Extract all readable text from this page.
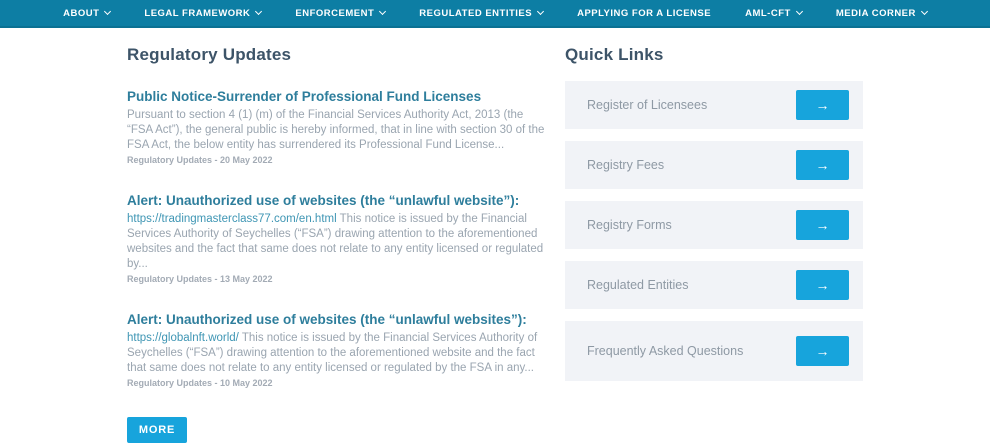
ABOUT	LEGAL FRAMEWORK	ENFORCEMENT	REGULATED ENTITIES	APPLYING FOR A LICENSE	AML-CFT	MEDIA CORNER
Regulatory Updates
Public Notice-Surrender of Professional Fund Licenses

Pursuant to section 4 (1) (m) of the Financial Services Authority Act, 2013 (the “FSA Act”), the general public is hereby informed, that in line with section 30 of the FSA Act, the below entity has surrendered its Professional Fund License...

Regulatory Updates - 20 May 2022
Alert: Unauthorized use of websites (the “unlawful website”):

https://tradingmasterclass77.com/en.html This notice is issued by the Financial Services Authority of Seychelles (“FSA”) drawing attention to the aforementioned websites and the fact that same does not relate to any entity licensed or regulated by...

Regulatory Updates - 13 May 2022
Alert: Unauthorized use of websites (the “unlawful websites”):

https://globalnft.world/ This notice is issued by the Financial Services Authority of Seychelles (“FSA”) drawing attention to the aforementioned website and the fact that same does not relate to any entity licensed or regulated by the FSA in any...

Regulatory Updates - 10 May 2022
MORE
Quick Links
Register of Licensees	→
Registry Fees	→
Registry Forms	→
Regulated Entities	→
Frequently Asked Questions	→
